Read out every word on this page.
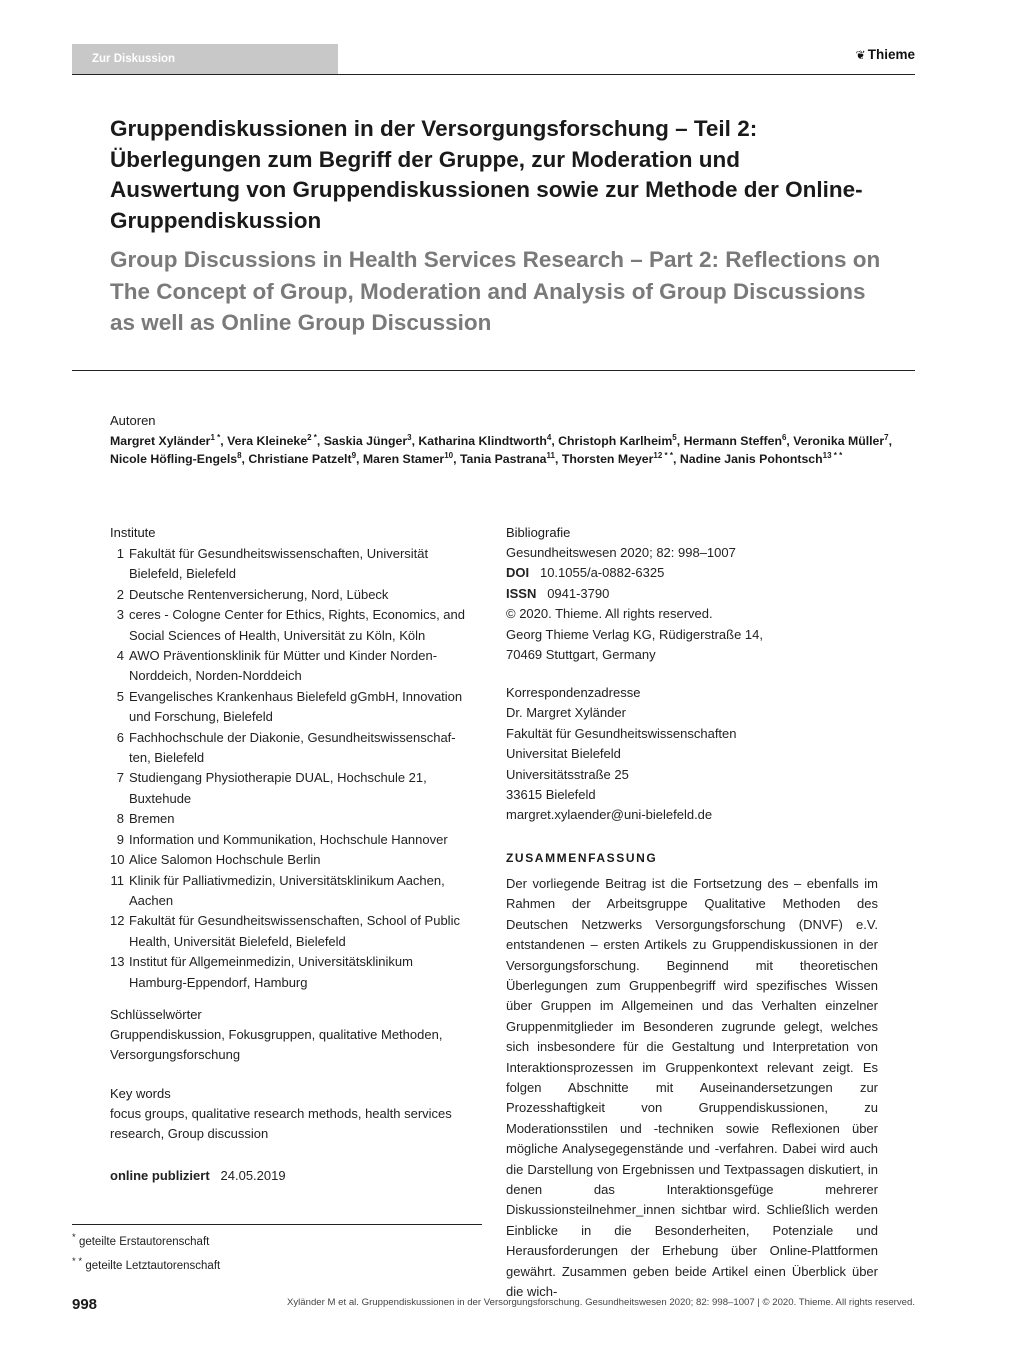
Zur Diskussion	❦ Thieme
Gruppendiskussionen in der Versorgungsforschung – Teil 2: Überlegungen zum Begriff der Gruppe, zur Moderation und Auswertung von Gruppendiskussionen sowie zur Methode der Online-Gruppendiskussion
Group Discussions in Health Services Research – Part 2: Reflections on The Concept of Group, Moderation and Analysis of Group Discussions as well as Online Group Discussion
Autoren
Margret Xyländer$^{1 *}$, Vera Kleineke$^{2 *}$, Saskia Jünger$^3$, Katharina Klindtworth$^4$, Christoph Karlheim$^5$, Hermann Steffen$^6$, Veronika Müller$^7$, Nicole Höfling-Engels$^8$, Christiane Patzelt$^9$, Maren Stamer$^{10}$, Tania Pastrana$^{11}$, Thorsten Meyer$^{12 * *}$, Nadine Janis Pohontsch$^{13 * *}$
Institute
1 Fakultät für Gesundheitswissenschaften, Universität
Bielefeld, Bielefeld
2 Deutsche Rentenversicherung, Nord, Lübeck
3 ceres - Cologne Center for Ethics, Rights, Economics, and
Social Sciences of Health, Universität zu Köln, Köln
4 AWO Präventionsklinik für Mütter und Kinder Norden-
Norddeich, Norden-Norddeich
5 Evangelisches Krankenhaus Bielefeld gGmbH, Innovation
und Forschung, Bielefeld
6 Fachhochschule der Diakonie, Gesundheitswissenschaf-
ten, Bielefeld
7 Studiengang Physiotherapie DUAL, Hochschule 21,
Buxtehude
8 Bremen
9 Information und Kommunikation, Hochschule Hannover
10 Alice Salomon Hochschule Berlin
11 Klinik für Palliativmedizin, Universitätsklinikum Aachen,
Aachen
12 Fakultät für Gesundheitswissenschaften, School of Public
Health, Universität Bielefeld, Bielefeld
13 Institut für Allgemeinmedizin, Universitätsklinikum
Hamburg-Eppendorf, Hamburg
Schlüsselwörter
Gruppendiskussion, Fokusgruppen, qualitative Methoden,
Versorgungsforschung
Key words
focus groups, qualitative research methods, health services
research, Group discussion
online publiziert 24.05.2019
* geteilte Erstautorenschaft
* * geteilte Letztautorenschaft
Bibliografie
Gesundheitswesen 2020; 82: 998–1007
DOI 10.1055/a-0882-6325
ISSN 0941-3790
© 2020. Thieme. All rights reserved.
Georg Thieme Verlag KG, Rüdigerstraße 14,
70469 Stuttgart, Germany
Korrespondenzadresse
Dr. Margret Xyländer
Fakultät für Gesundheitswissenschaften
Universitat Bielefeld
Universitätsstraße 25
33615 Bielefeld
margret.xylaender@uni-bielefeld.de
ZUSAMMENFASSUNG
Der vorliegende Beitrag ist die Fortsetzung des – ebenfalls im Rahmen der Arbeitsgruppe Qualitative Methoden des Deutschen Netzwerks Versorgungsforschung (DNVF) e.V. entstandenen – ersten Artikels zu Gruppendiskussionen in der Versorgungsforschung. Beginnend mit theoretischen Überlegungen zum Gruppenbegriff wird spezifisches Wissen über Gruppen im Allgemeinen und das Verhalten einzelner Gruppenmitglieder im Besonderen zugrunde gelegt, welches sich insbesondere für die Gestaltung und Interpretation von Interaktionsprozessen im Gruppenkontext relevant zeigt. Es folgen Abschnitte mit Auseinandersetzungen zur Prozesshaftigkeit von Gruppendiskussionen, zu Moderationsstilen und -techniken sowie Reflexionen über mögliche Analysegegenstände und -verfahren. Dabei wird auch die Darstellung von Ergebnissen und Textpassagen diskutiert, in denen das Interaktionsgefüge mehrerer Diskussionsteilnehmer_innen sichtbar wird. Schließlich werden Einblicke in die Besonderheiten, Potenziale und Herausforderungen der Erhebung über Online-Plattformen gewährt. Zusammen geben beide Artikel einen Überblick über die wich-
998	Xyländer M et al. Gruppendiskussionen in der Versorgungsforschung. Gesundheitswesen 2020; 82: 998–1007 | © 2020. Thieme. All rights reserved.
